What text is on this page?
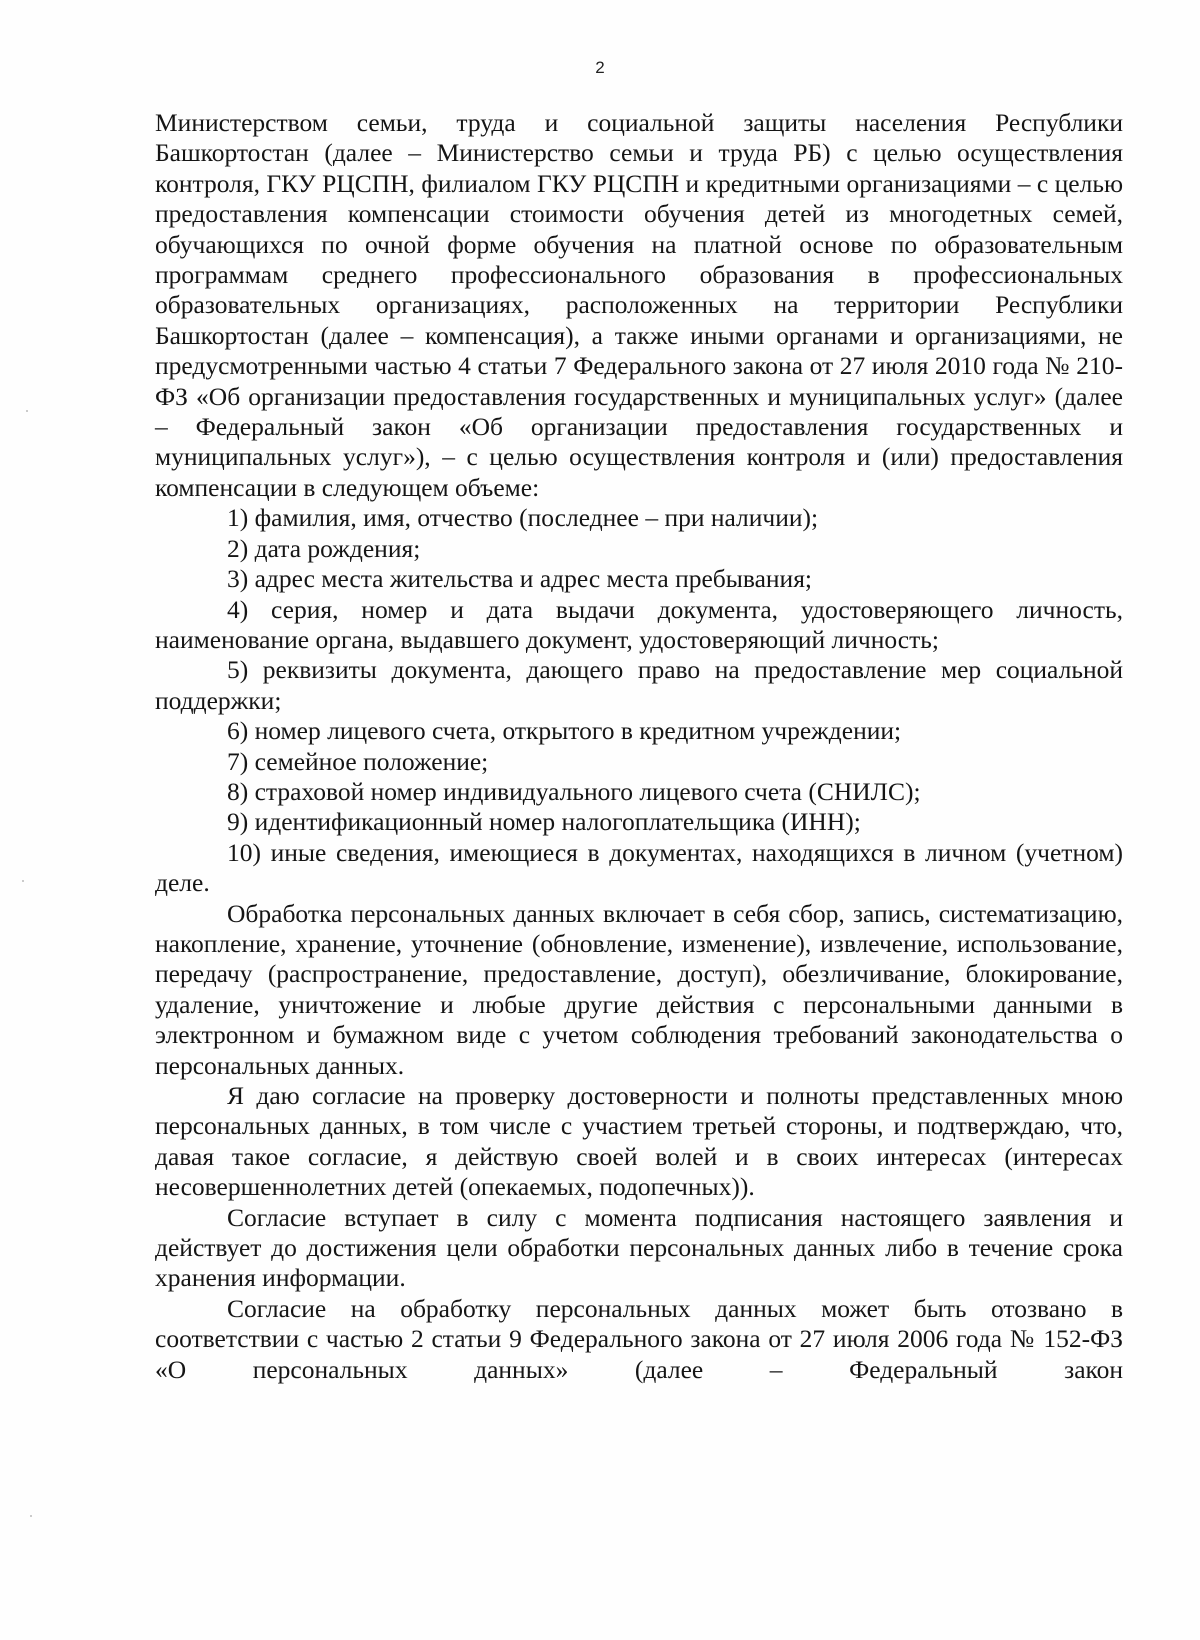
2

Министерством семьи, труда и социальной защиты населения Республики Башкортостан (далее – Министерство семьи и труда РБ) с целью осуществления контроля, ГКУ РЦСПН, филиалом ГКУ РЦСПН и кредитными организациями – с целью предоставления компенсации стоимости обучения детей из многодетных семей, обучающихся по очной форме обучения на платной основе по образовательным программам среднего профессионального образования в профессиональных образовательных организациях, расположенных на территории Республики Башкортостан (далее – компенсация), а также иными органами и организациями, не предусмотренными частью 4 статьи 7 Федерального закона от 27 июля 2010 года № 210-ФЗ «Об организации предоставления государственных и муниципальных услуг» (далее – Федеральный закон «Об организации предоставления государственных и муниципальных услуг»), – с целью осуществления контроля и (или) предоставления компенсации в следующем объеме:

1) фамилия, имя, отчество (последнее – при наличии);

2) дата рождения;

3) адрес места жительства и адрес места пребывания;

4) серия, номер и дата выдачи документа, удостоверяющего личность, наименование органа, выдавшего документ, удостоверяющий личность;

5) реквизиты документа, дающего право на предоставление мер социальной поддержки;

6) номер лицевого счета, открытого в кредитном учреждении;

7) семейное положение;

8) страховой номер индивидуального лицевого счета (СНИЛС);

9) идентификационный номер налогоплательщика (ИНН);

10) иные сведения, имеющиеся в документах, находящихся в личном (учетном) деле.

Обработка персональных данных включает в себя сбор, запись, систематизацию, накопление, хранение, уточнение (обновление, изменение), извлечение, использование, передачу (распространение, предоставление, доступ), обезличивание, блокирование, удаление, уничтожение и любые другие действия с персональными данными в электронном и бумажном виде с учетом соблюдения требований законодательства о персональных данных.

Я даю согласие на проверку достоверности и полноты представленных мною персональных данных, в том числе с участием третьей стороны, и подтверждаю, что, давая такое согласие, я действую своей волей и в своих интересах (интересах несовершеннолетних детей (опекаемых, подопечных)).

Согласие вступает в силу с момента подписания настоящего заявления и действует до достижения цели обработки персональных данных либо в течение срока хранения информации.

Согласие на обработку персональных данных может быть отозвано в соответствии с частью 2 статьи 9 Федерального закона от 27 июля 2006 года № 152-ФЗ «О персональных данных» (далее – Федеральный закон
